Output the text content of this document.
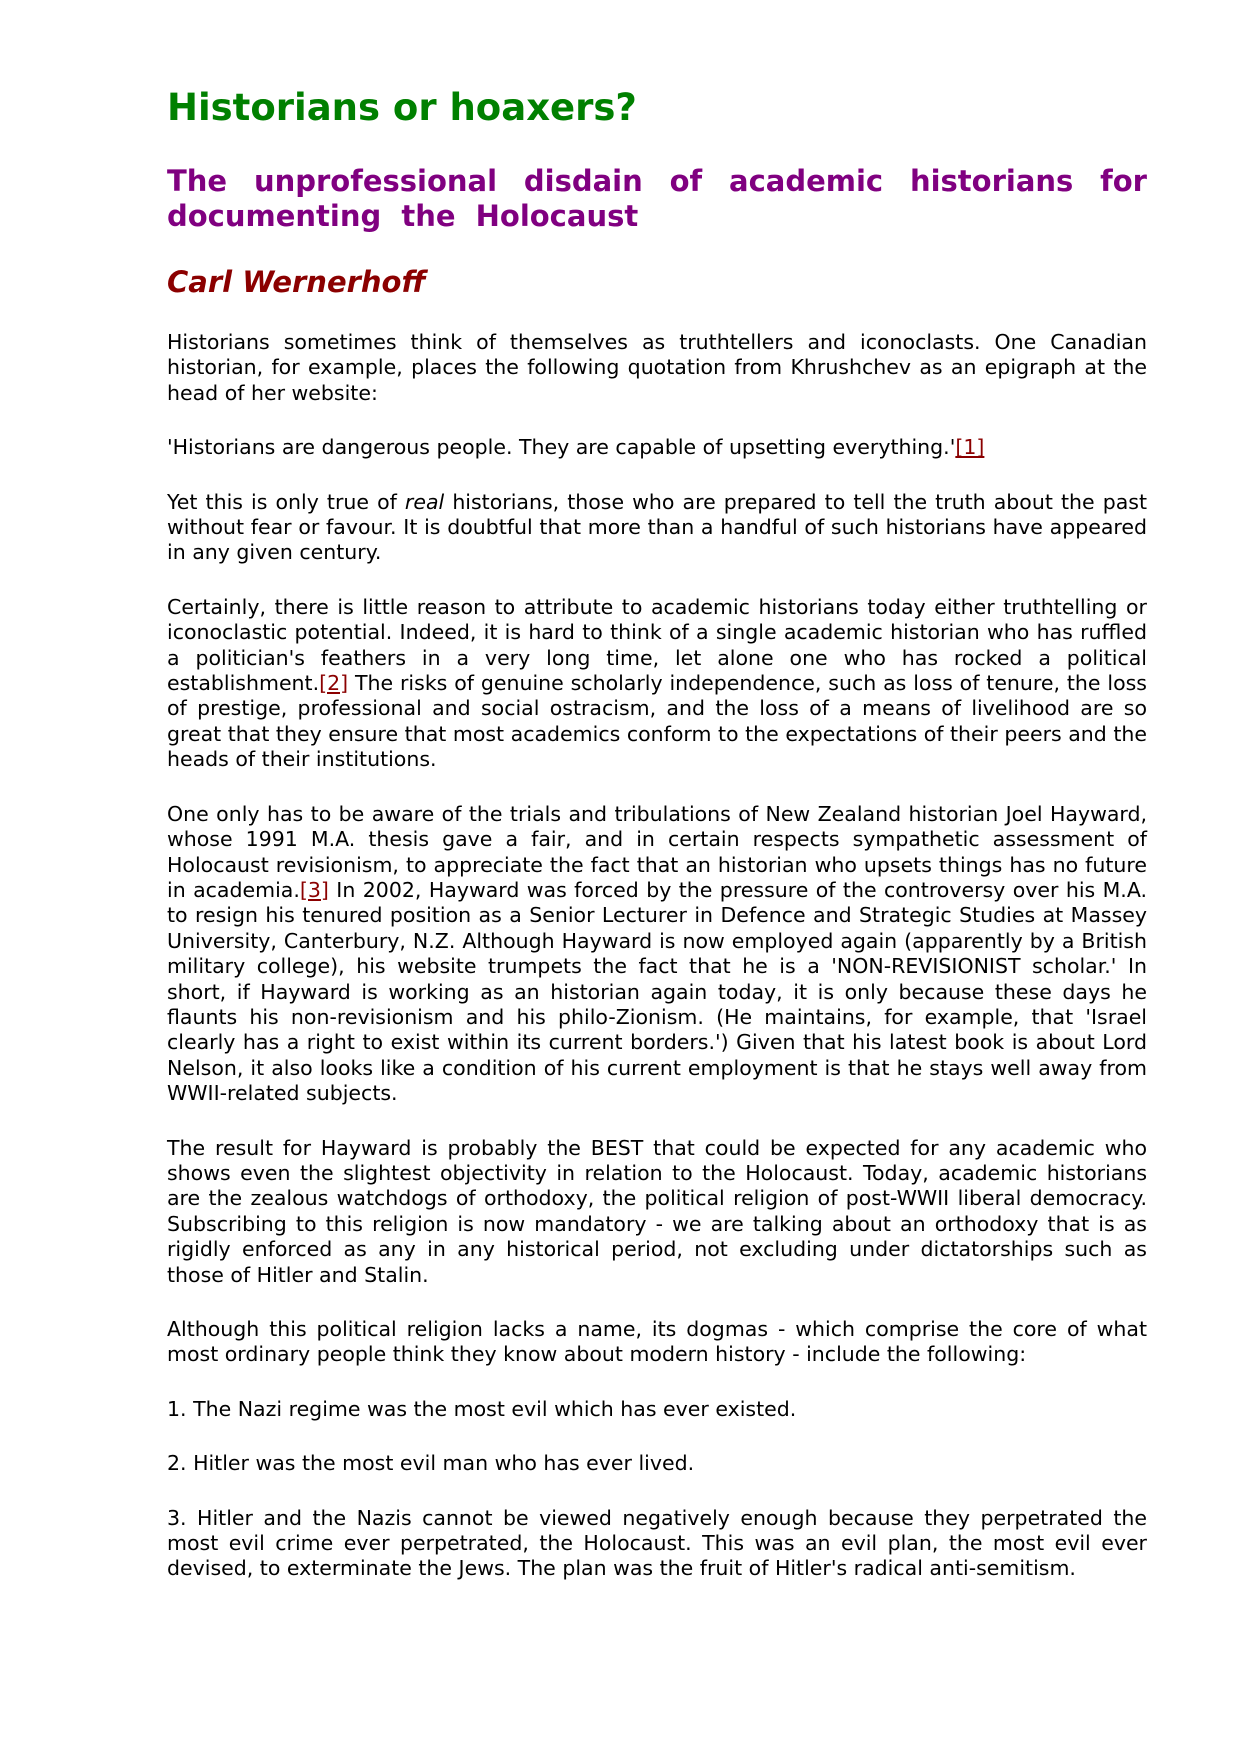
Historians or hoaxers?
The unprofessional disdain of academic historians for documenting the Holocaust
Carl Wernerhoff

Historians sometimes think of themselves as truthtellers and iconoclasts. One Canadian historian, for example, places the following quotation from Khrushchev as an epigraph at the head of her website:

'Historians are dangerous people. They are capable of upsetting everything.'[1]

Yet this is only true of real historians, those who are prepared to tell the truth about the past without fear or favour. It is doubtful that more than a handful of such historians have appeared in any given century.

Certainly, there is little reason to attribute to academic historians today either truthtelling or iconoclastic potential. Indeed, it is hard to think of a single academic historian who has ruffled a politician's feathers in a very long time, let alone one who has rocked a political establishment.[2] The risks of genuine scholarly independence, such as loss of tenure, the loss of prestige, professional and social ostracism, and the loss of a means of livelihood are so great that they ensure that most academics conform to the expectations of their peers and the heads of their institutions.

One only has to be aware of the trials and tribulations of New Zealand historian Joel Hayward, whose 1991 M.A. thesis gave a fair, and in certain respects sympathetic assessment of Holocaust revisionism, to appreciate the fact that an historian who upsets things has no future in academia.[3] In 2002, Hayward was forced by the pressure of the controversy over his M.A. to resign his tenured position as a Senior Lecturer in Defence and Strategic Studies at Massey University, Canterbury, N.Z. Although Hayward is now employed again (apparently by a British military college), his website trumpets the fact that he is a 'NON-REVISIONIST scholar.' In short, if Hayward is working as an historian again today, it is only because these days he flaunts his non-revisionism and his philo-Zionism. (He maintains, for example, that 'Israel clearly has a right to exist within its current borders.') Given that his latest book is about Lord Nelson, it also looks like a condition of his current employment is that he stays well away from WWII-related subjects.

The result for Hayward is probably the BEST that could be expected for any academic who shows even the slightest objectivity in relation to the Holocaust. Today, academic historians are the zealous watchdogs of orthodoxy, the political religion of post-WWII liberal democracy. Subscribing to this religion is now mandatory - we are talking about an orthodoxy that is as rigidly enforced as any in any historical period, not excluding under dictatorships such as those of Hitler and Stalin.

Although this political religion lacks a name, its dogmas - which comprise the core of what most ordinary people think they know about modern history - include the following:

1. The Nazi regime was the most evil which has ever existed.

2. Hitler was the most evil man who has ever lived.

3. Hitler and the Nazis cannot be viewed negatively enough because they perpetrated the most evil crime ever perpetrated, the Holocaust. This was an evil plan, the most evil ever devised, to exterminate the Jews. The plan was the fruit of Hitler's radical anti-semitism.
